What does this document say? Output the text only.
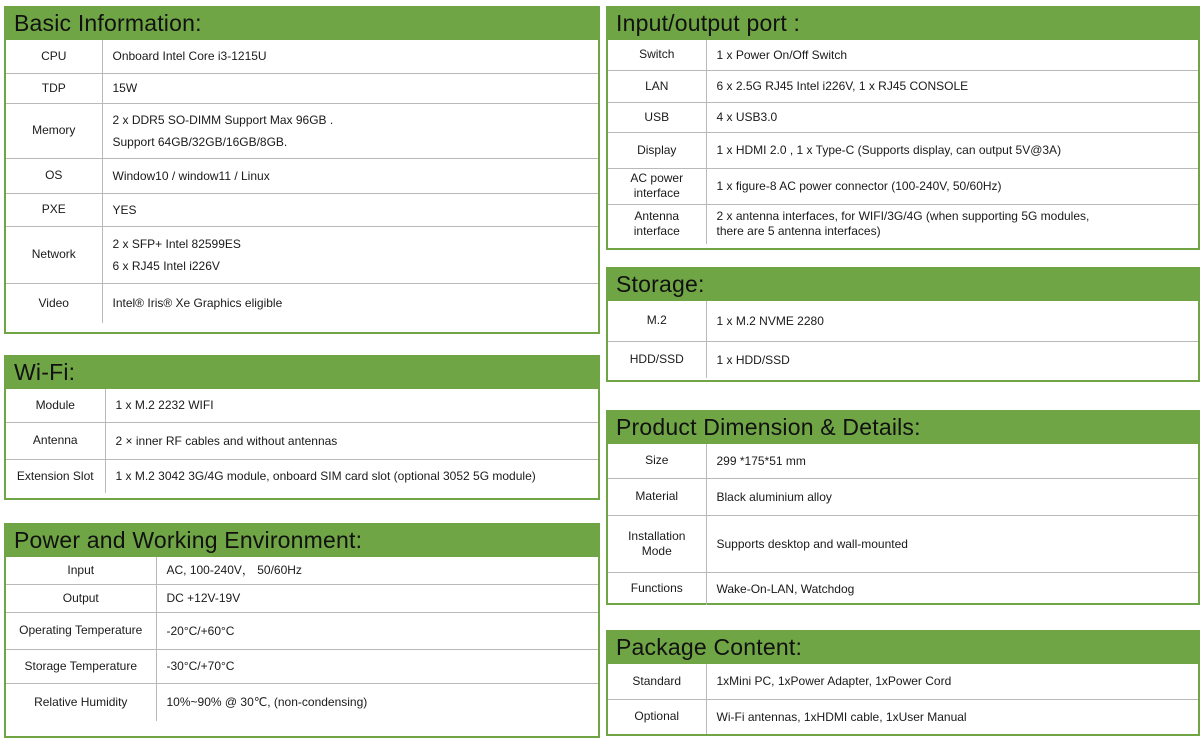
Basic Information:
CPU	Onboard Intel Core i3-1215U

TDP	15W

Memory	2 x DDR5 SO-DIMM Support Max 96GB .
Support 64GB/32GB/16GB/8GB.

OS	Window10 / window11 / Linux

PXE	YES

Network	2 x SFP+ Intel 82599ES
6 x RJ45 Intel i226V

Video	Intel® Iris® Xe Graphics eligible
Wi-Fi:
Module	1 x M.2 2232 WIFI

Antenna	2 × inner RF cables and without antennas

Extension Slot	1 x M.2 3042 3G/4G module, onboard SIM card slot (optional 3052 5G module)
Power and Working Environment:
Input	AC, 100-240V， 50/60Hz

Output	DC +12V-19V

Operating Temperature	-20°C/+60°C

Storage Temperature	-30°C/+70°C

Relative Humidity	10%~90% @ 30℃, (non-condensing)
Input/output port :
Switch	1 x Power On/Off Switch

LAN	6 x 2.5G RJ45 Intel i226V, 1 x RJ45 CONSOLE

USB	4 x USB3.0

Display	1 x HDMI 2.0 , 1 x Type-C (Supports display, can output 5V@3A)

AC power interface	1 x figure-8 AC power connector (100-240V, 50/60Hz)

Antenna interface	2 x antenna interfaces, for WIFI/3G/4G (when supporting 5G modules,
there are 5 antenna interfaces)
Storage:
M.2	1 x M.2 NVME 2280

HDD/SSD	1 x HDD/SSD
Product Dimension & Details:
Size	299 *175*51 mm

Material	Black aluminium alloy

Installation Mode	Supports desktop and wall-mounted

Functions	Wake-On-LAN, Watchdog
Package Content:
Standard	1xMini PC, 1xPower Adapter, 1xPower Cord

Optional	Wi-Fi antennas, 1xHDMI cable, 1xUser Manual
